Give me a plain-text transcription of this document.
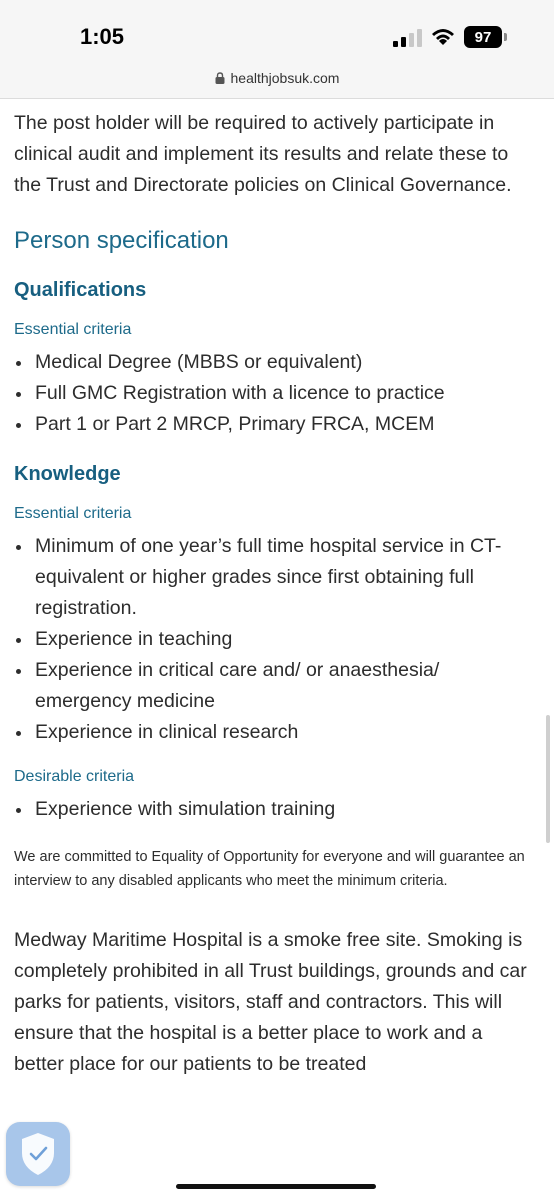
1:05	97
healthjobsuk.com

The post holder will be required to actively participate in clinical audit and implement its results and relate these to the Trust and Directorate policies on Clinical Governance.

Person specification
Qualifications
Essential criteria
Medical Degree (MBBS or equivalent)
Full GMC Registration with a licence to practice
Part 1 or Part 2 MRCP, Primary FRCA, MCEM
Knowledge
Essential criteria
Minimum of one year’s full time hospital service in CT-equivalent or higher grades since first obtaining full registration.
Experience in teaching
Experience in critical care and/ or anaesthesia/ emergency medicine
Experience in clinical research
Desirable criteria
Experience with simulation training

We are committed to Equality of Opportunity for everyone and will guarantee an interview to any disabled applicants who meet the minimum criteria.

Medway Maritime Hospital is a smoke free site. Smoking is completely prohibited in all Trust buildings, grounds and car parks for patients, visitors, staff and contractors. This will ensure that the hospital is a better place to work and a better place for our patients to be treated
